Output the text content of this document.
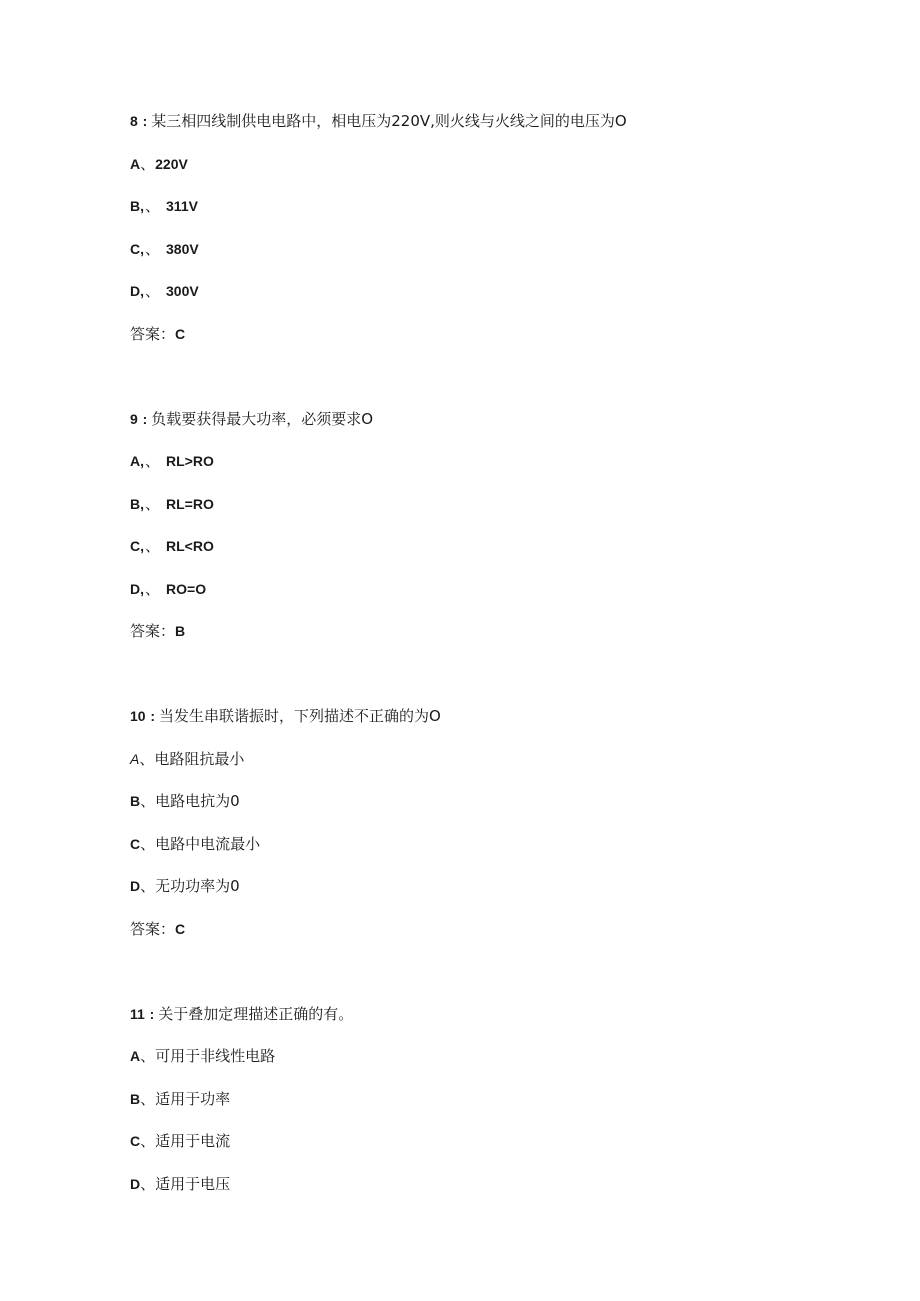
8 : 某三相四线制供电电路中，相电压为220V,则火线与火线之间的电压为O
A、220V
B,、 311V
C,、 380V
D,、 300V
答案：C
9 : 负载要获得最大功率，必须要求O
A,、 RL>RO
B,、 RL=RO
C,、 RL<RO
D,、 RO=O
答案：B
10 : 当发生串联谐振时，下列描述不正确的为O
A、电路阻抗最小
B、电路电抗为0
C、电路中电流最小
D、无功功率为0
答案：C
11 : 关于叠加定理描述正确的有。
A、可用于非线性电路
B、适用于功率
C、适用于电流
D、适用于电压
